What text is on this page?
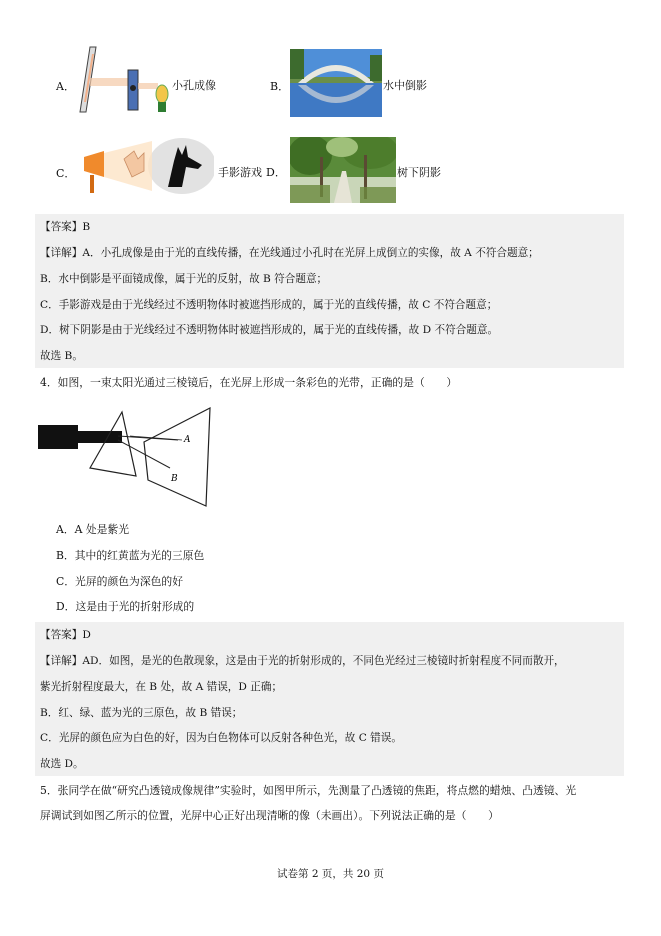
A．	小孔成像	B．	水中倒影
C．	手影游戏 D．	树下阴影
【答案】B
【详解】A．小孔成像是由于光的直线传播，在光线通过小孔时在光屏上成倒立的实像，故 A 不符合题意；
B．水中倒影是平面镜成像，属于光的反射，故 B 符合题意；
C．手影游戏是由于光线经过不透明物体时被遮挡形成的，属于光的直线传播，故 C 不符合题意；
D．树下阴影是由于光线经过不透明物体时被遮挡形成的，属于光的直线传播，故 D 不符合题意。
故选 B。
4．如图，一束太阳光通过三棱镜后，在光屏上形成一条彩色的光带，正确的是（　　）
A
B
A．A 处是紫光
B．其中的红黄蓝为光的三原色
C．光屏的颜色为深色的好
D．这是由于光的折射形成的
【答案】D
【详解】AD．如图，是光的色散现象，这是由于光的折射形成的，不同色光经过三棱镜时折射程度不同而散开，
紫光折射程度最大，在 B 处，故 A 错误，D 正确；
B．红、绿、蓝为光的三原色，故 B 错误；
C．光屏的颜色应为白色的好，因为白色物体可以反射各种色光，故 C 错误。
故选 D。
5．张同学在做“研究凸透镜成像规律”实验时，如图甲所示，先测量了凸透镜的焦距，将点燃的蜡烛、凸透镜、光
屏调试到如图乙所示的位置，光屏中心正好出现清晰的像（未画出）。下列说法正确的是（　　）
试卷第 2 页，共 20 页
